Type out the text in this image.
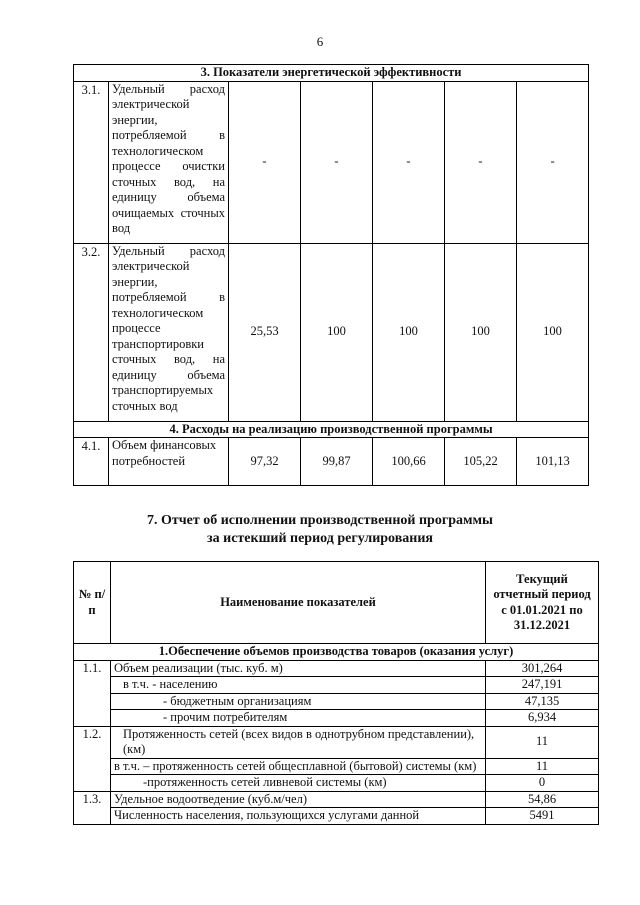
6
3. Показатели энергетической эффективности						
3.1.	Удельный расход электрической энергии, потребляемой в технологическом процессе очистки сточных вод, на единицу объема очищаемых сточных вод	-	-	-	-	-
3.2.	Удельный расход электрической энергии, потребляемой в технологическом процессе транспортировки сточных вод, на единицу объема транспортируемых сточных вод	25,53	100	100	100	100
4. Расходы на реализацию производственной программы						
4.1.	Объем финансовых потребностей	97,32	99,87	100,66	105,22	101,13
7. Отчет об исполнении производственной программы
за истекший период регулирования
№ п/п	Наименование показателей	Текущий отчетный период с 01.01.2021 по 31.12.2021
1.Обеспечение объемов производства товаров (оказания услуг)		
1.1.	Объем реализации (тыс. куб. м)	301,264
	в т.ч. - населению	247,191
	- бюджетным организациям	47,135
	- прочим потребителям	6,934
1.2.	Протяженность сетей (всех видов в однотрубном представлении), (км)	11
	в т.ч. – протяженность сетей общесплавной (бытовой) системы (км)	11
	-протяженность сетей ливневой системы (км)	0
1.3.	Удельное водоотведение (куб.м/чел)	54,86
	Численность населения, пользующихся услугами данной	5491
